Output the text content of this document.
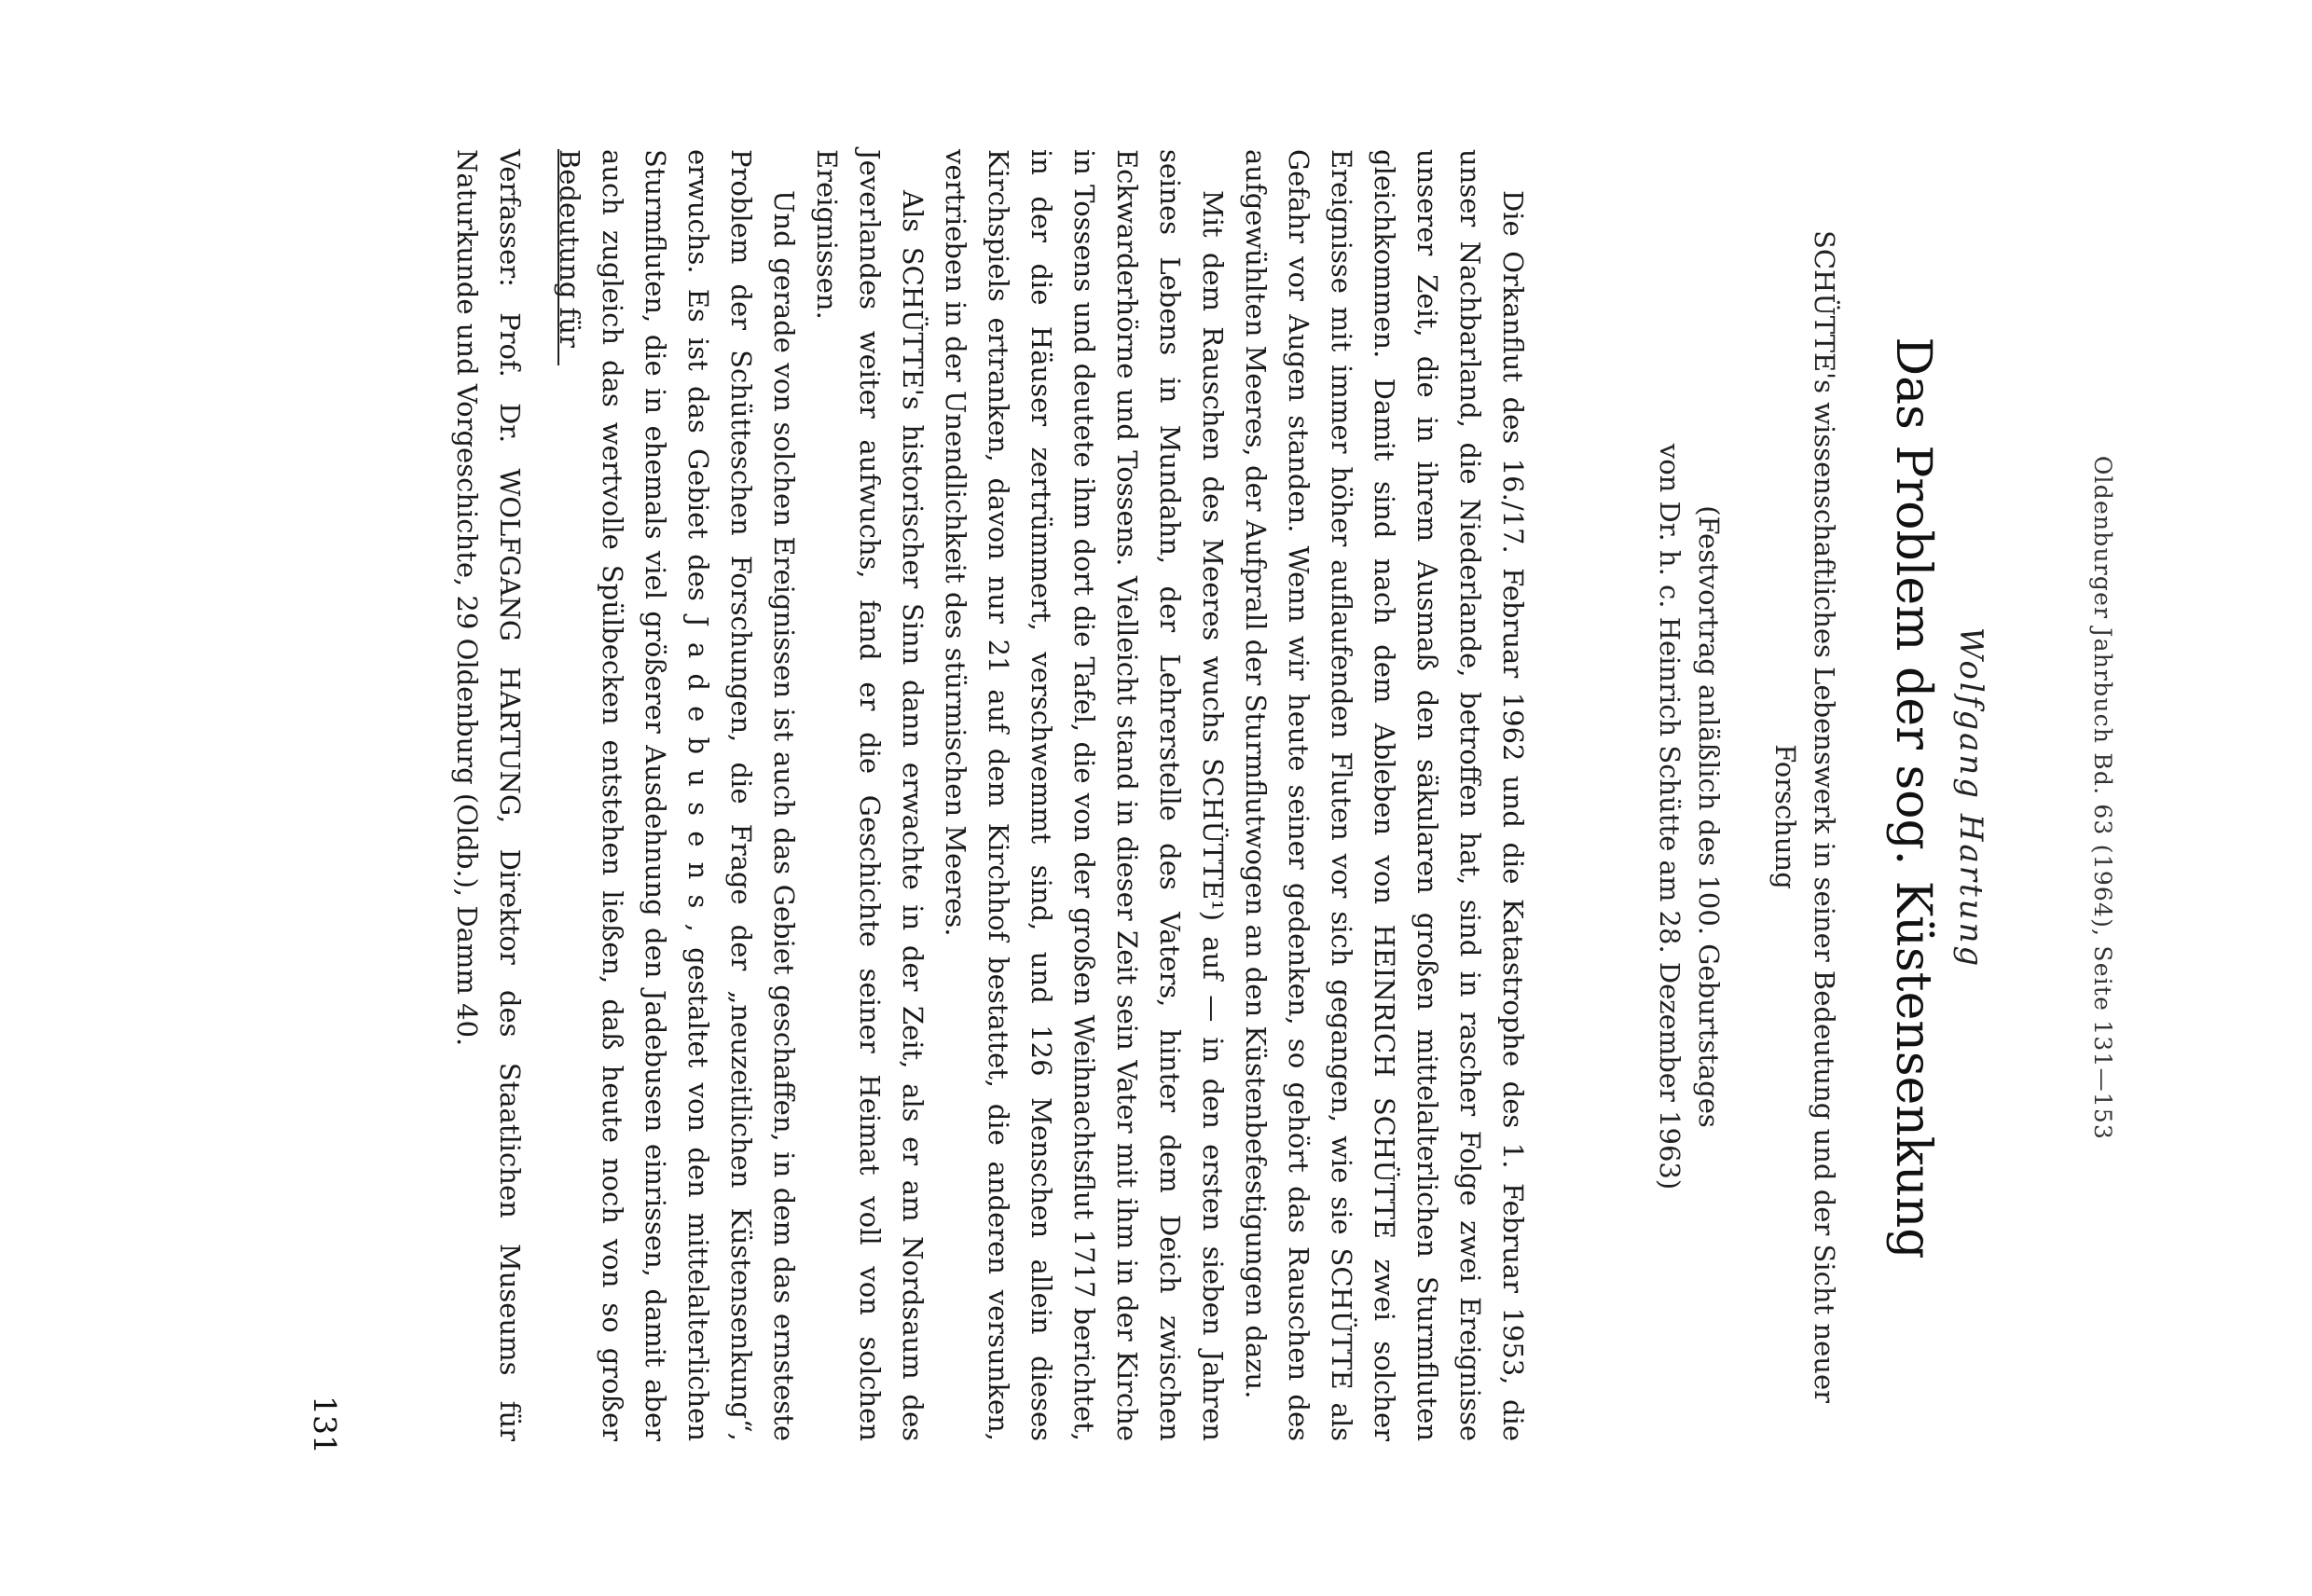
Oldenburger Jahrbuch Bd. 63 (1964), Seite 131—153
Wolfgang Hartung
Das Problem der sog. Küstensenkung
SCHÜTTE's wissenschaftliches Lebenswerk in seiner Bedeutung und der Sicht neuer Forschung
(Festvortrag anläßlich des 100. Geburtstages
von Dr. h. c. Heinrich Schütte am 28. Dezember 1963)

Die Orkanflut des 16./17. Februar 1962 und die Katastrophe des 1. Februar 1953, die unser Nachbarland, die Niederlande, betroffen hat, sind in rascher Folge zwei Ereignisse unserer Zeit, die in ihrem Ausmaß den säkularen großen mittelalterlichen Sturmfluten gleichkommen. Damit sind nach dem Ableben von HEINRICH SCHÜTTE zwei solcher Ereignisse mit immer höher auflaufenden Fluten vor sich gegangen, wie sie SCHÜTTE als Gefahr vor Augen standen. Wenn wir heute seiner gedenken, so gehört das Rauschen des aufgewühlten Meeres, der Aufprall der Sturmflutwogen an den Küstenbefestigungen dazu.

Mit dem Rauschen des Meeres wuchs SCHÜTTE¹) auf — in den ersten sieben Jahren seines Lebens in Mundahn, der Lehrerstelle des Vaters, hinter dem Deich zwischen Eckwarderhörne und Tossens. Vielleicht stand in dieser Zeit sein Vater mit ihm in der Kirche in Tossens und deutete ihm dort die Tafel, die von der großen Weihnachtsflut 1717 berichtet, in der die Häuser zertrümmert, verschwemmt sind, und 126 Menschen allein dieses Kirchspiels ertranken, davon nur 21 auf dem Kirchhof bestattet, die anderen versunken, vertrieben in der Unendlichkeit des stürmischen Meeres.

Als SCHÜTTE's historischer Sinn dann erwachte in der Zeit, als er am Nordsaum des Jeverlandes weiter aufwuchs, fand er die Geschichte seiner Heimat voll von solchen Ereignissen.

Und gerade von solchen Ereignissen ist auch das Gebiet geschaffen, in dem das ernsteste Problem der Schütteschen Forschungen, die Frage der „neuzeitlichen Küstensenkung“, erwuchs. Es ist das Gebiet des J a d e b u s e n s , gestaltet von den mittelalterlichen Sturmfluten, die in ehemals viel größerer Ausdehnung den Jadebusen einrissen, damit aber auch zugleich das wertvolle Spülbecken entstehen ließen, daß heute noch von so großer Bedeutung für

Verfasser: Prof. Dr. WOLFGANG HARTUNG, Direktor des Staatlichen Museums für Naturkunde und Vorgeschichte, 29 Oldenburg (Oldb.), Damm 40.
131
